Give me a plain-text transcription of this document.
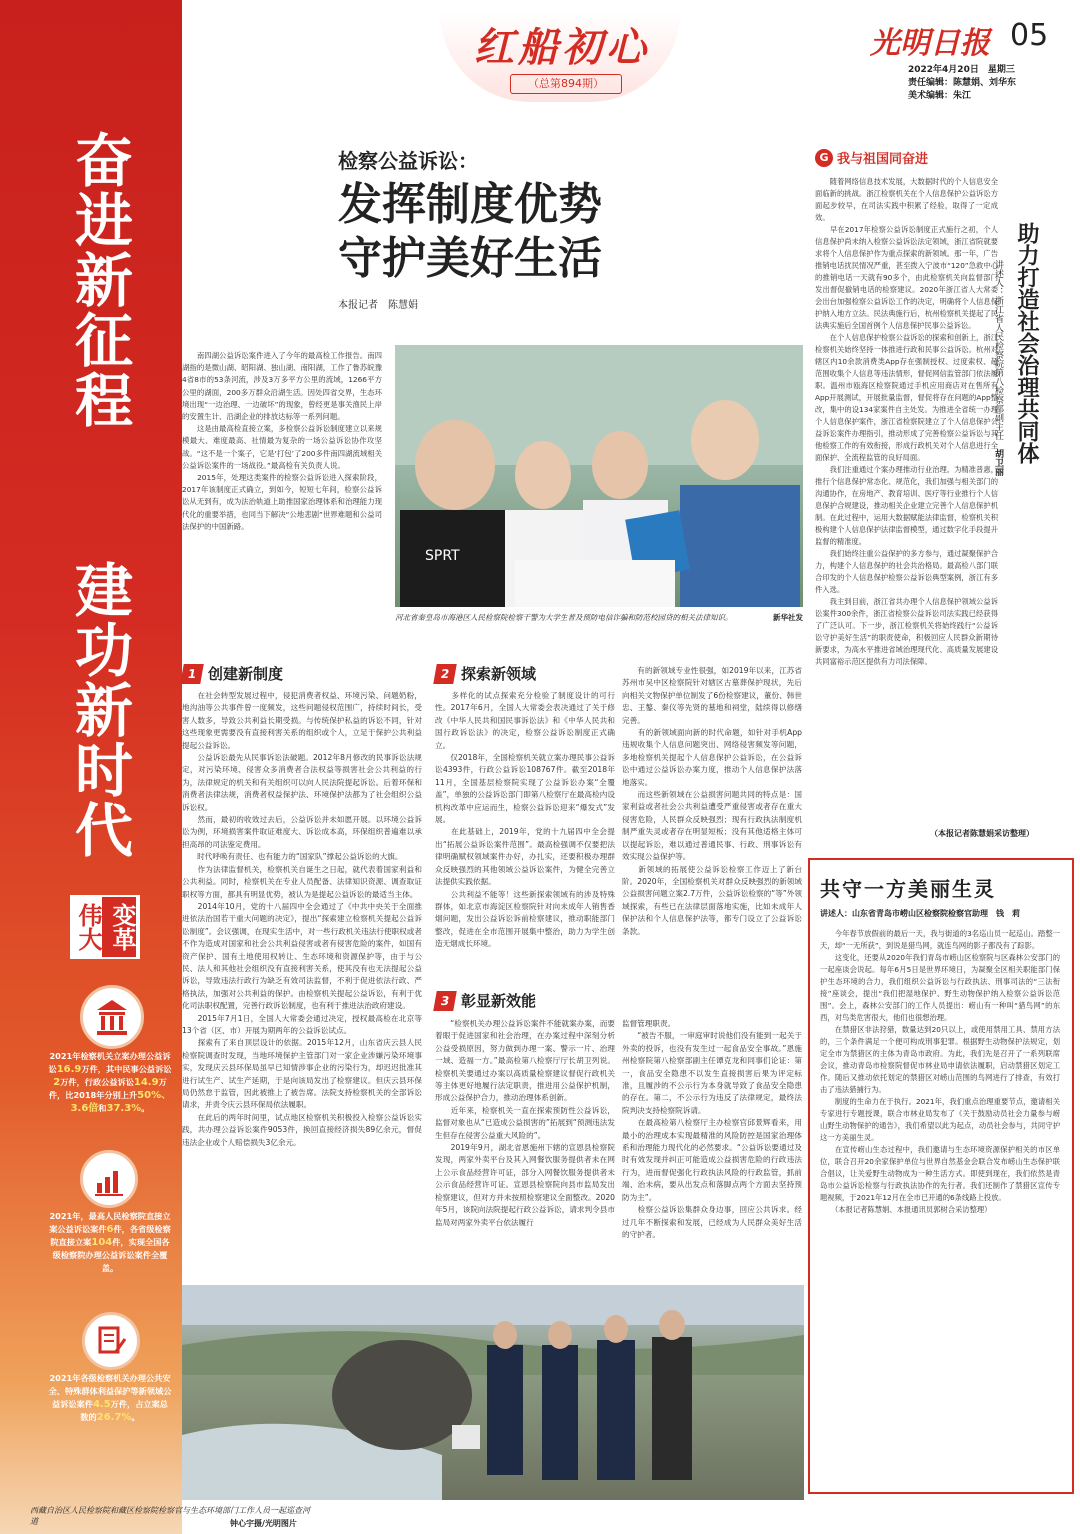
奋进新征程
建功新时代
伟大 变革
2021年检察机关立案办理公益诉讼16.9万件，其中民事公益诉讼2万件，行政公益诉讼14.9万件，比2018年分别上升50%、3.6倍和37.3%。
2021年，最高人民检察院直接立案公益诉讼案件6件，各省级检察院直接立案104件，实现全国各级检察院办理公益诉讼案件全覆盖。
2021年各级检察机关办理公共安全、特殊群体利益保护等新领域公益诉讼案件4.5万件，占立案总数的26.7%。
红船初心
（总第894期）
光明日报 05
2022年4月20日　星期三
责任编辑：陈慧娟、刘华东
美术编辑：朱江
检察公益诉讼：
发挥制度优势
守护美好生活
本报记者　陈慧娟
　　南四湖公益诉讼案件进入了今年的最高检工作报告。南四湖指的是微山湖、昭阳湖、独山湖、南阳湖，工作了鲁苏皖豫4省8市的53条河流，涉及3万多平方公里的流域，1266平方公里的湖面，200多万群众沿湖生活。因处四省交界，生态环境出现“一边治理、一边破坏”的现象，曾经更是事关渔民上岸的安置生计、沿湖企业的排放达标等一系列问题。
　　这是由最高检直接立案，多检察公益诉讼制度建立以来规模最大、难度最高、社情最为复杂的一场公益诉讼协作攻坚战。“这不是一个案子，它是‘打包’了200多件南四湖流域相关公益诉讼案件的一场战役。”最高检有关负责人说。
　　2015年，处理这类案件的检察公益诉讼进入探索阶段，2017年该制度正式确立，到如今，短短七年间，检察公益诉讼从无到有，成为法治轨道上助推国家治理体系和治理能力现代化的重要举措，也同当下解决“公地悲剧”世界难题和公益司法保护的中国新路。
SPRT
河北省秦皇岛市海港区人民检察院检察干警为大学生普及预防电信诈骗和防范校园贷的相关法律知识。	新华社发
1 创建新制度	2 探索新领域
3 彰显新效能
　　在社会转型发展过程中，侵犯消费者权益、环境污染、问题奶粉，地沟油等公共事件曾一度频发，这些问题侵权范围广，持续时间长，受害人数多，导致公共利益长期受损。与传统保护私益的诉讼不同，针对这些现象更需要没有直接利害关系的组织或个人，立足于保护公共利益提起公益诉讼。
　　公益诉讼最先从民事诉讼法破题。2012年8月修改的民事诉讼法规定，对污染环境、侵害众多消费者合法权益等损害社会公共利益的行为，法律规定的机关和有关组织可以向人民法院提起诉讼。后着环保和消费者法律法规，消费者权益保护法、环境保护法都为了社会组织公益诉讼权。
　　然而，最初的收效过去后，公益诉讼并未如愿开展。以环境公益诉讼为例，环境损害案件取证难度大、诉讼成本高，环保组织普遍难以承担高昂的司法鉴定费用。
　　时代呼唤有责任、也有能力的“国家队”撑起公益诉讼的大旗。
　　作为法律监督机关，检察机关自诞生之日起，就代表着国家利益和公共利益。同时，检察机关在专业人员配备、法律知识资源、调查取证职权等方面，都具有明显优势，被认为是提起公益诉讼的最适当主体。
　　2014年10月，党的十八届四中全会通过了《中共中央关于全面推进依法治国若干重大问题的决定》，提出“探索建立检察机关提起公益诉讼制度”。会议强调，在现实生活中，对一些行政机关违法行使职权或者不作为造成对国家和社会公共利益侵害或者有侵害危险的案件，如国有资产保护、国有土地使用权转让、生态环境和资源保护等，由于与公民、法人和其他社会组织没有直接利害关系，使其没有也无法提起公益诉讼，导致违法行政行为缺乏有效司法监督，不利于促进依法行政、严格执法，加强对公共利益的保护。由检察机关提起公益诉讼，有利于优化司法职权配置，完善行政诉讼制度，也有利于推进法治政府建设。
　　2015年7月1日，全国人大常委会通过决定，授权最高检在北京等13个省（区、市）开展为期两年的公益诉讼试点。
　　探索有了来自顶层设计的依据。2015年12月，山东省庆云县人民检察院调查时发现，当地环境保护主管部门对一家企业涉嫌污染环境事实，发现庆云县环保局虽早已知情涉事企业的污染行为，却迟迟批准其进行试生产、试生产延期，于是向该局发出了检察建议。但庆云县环保局仍然怠于监管，因此被推上了被告席。法院支持检察机关的全部诉讼请求，并责令庆云县环保局依法履职。
　　在此后的两年时间里，试点地区检察机关积极投入检察公益诉讼实践，共办理公益诉讼案件9053件，换回直接经济损失89亿余元，督促违法企业或个人赔偿损失3亿余元。
　　多样化的试点探索充分检验了制度设计的可行性。2017年6月，全国人大常委会表决通过了关于修改《中华人民共和国民事诉讼法》和《中华人民共和国行政诉讼法》的决定，检察公益诉讼制度正式确立。
　　仅2018年，全国检察机关就立案办理民事公益诉讼4393件，行政公益诉讼108767件。截至2018年11月，全国基层检察院实现了公益诉讼办案“全覆盖”，单独的公益诉讼部门即第八检察厅在最高检内设机构改革中应运而生，检察公益诉讼迎来“爆发式”发展。
　　在此基础上，2019年，党的十九届四中全会提出“拓展公益诉讼案件范围”。最高检强调不仅要把法律明确赋权领域案件办好，办扎实，还要积极办理群众反映强烈的其他领域公益诉讼案件，为健全完善立法提供实践依据。
　　公共利益不能等！这些新探索领域有的涉及特殊群体，如北京市海淀区检察院针对向未成年人销售香烟问题，发出公益诉讼诉前检察建议，推动职能部门整改，促进在全市范围开展集中整治，助力为学生创造无烟成长环境。
　　有的新领域专业性很强，如2019年以来，江苏省苏州市吴中区检察院针对辖区古墓葬保护现状，先后向相关文物保护单位制发了6份检察建议，董份、韩世忠、王鏊、秦仪等先贤的墓地和祠堂，陆续得以修缮完善。
　　有的新领域面向新的时代命题，如针对手机App违规收集个人信息问题突出、网络侵害频发等问题，多地检察机关提起个人信息保护公益诉讼，在公益诉讼中通过公益诉讼办案力度，推动个人信息保护法落地落实。
　　而这些新领域在公益损害问题共同的特点是：国家利益或者社会公共利益遭受严重侵害或者存在重大侵害危险，人民群众反映强烈；现有行政执法制度机制严重失灵或者存在明显短板；没有其他适格主体可以提起诉讼，难以通过普通民事、行政、刑事诉讼有效实现公益保护等。
　　新领域的拓展使公益诉讼检察工作迈上了新台阶。2020年，全国检察机关对群众反映强烈的新领域公益损害问题立案2.7万件，公益诉讼检察的“等”外领域探索，有些已在法律层面落地实施，比如未成年人保护法和个人信息保护法等，都专门设立了公益诉讼条款。
　　“检察机关办理公益诉讼案件不能就案办案，而要着眼于促进国家和社会治理，在办案过程中深刻分析公益受损原因，努力做到办理一案、警示一片、治理一域、造福一方。”最高检第八检察厅厅长胡卫列说。检察机关要通过办案以高质量检察建议督促行政机关等主体更好地履行法定职责，推进用公益保护机制，形成公益保护合力，推动治理体系创新。
　　近年来，检察机关一直在探索预防性公益诉讼，监督对象也从“已造成公益损害的”拓展到“预测违法发生但存在侵害公益重大风险的”。
　　2019年9月，湖北省恩施州下辖的宣恩县检察院发现，两家外卖平台及其入网餐饮服务提供者未在网上公示食品经营许可证，部分入网餐饮服务提供者未公示食品经营许可证。宣恩县检察院向县市监局发出检察建议，但对方并未按照检察建议全面整改。2020年5月，该院向法院提起行政公益诉讼，请求判令县市监局对两家外卖平台依法履行
监督管理职责。
　　“被告不服，一审庭审时说他们没有能到一起关于外卖的投诉，也没有发生过一起食品安全事故。”恩施州检察院第八检察部副主任谭克龙和同事们论证：第一，食品安全隐患不以发生直接损害后果为评定标准，且履涉的不公示行为本身就导致了食品安全隐患的存在。第二，不公示行为违反了法律规定，最终法院判决支持检察院诉请。
　　在最高检第八检察厅主办检察官邱景辉看来，用最小的治理成本实现最精准的风险防控是国家治理体系和治理能力现代化的必然要求。“公益诉讼要通过及时有效发现并纠正可能造成公益损害危险的行政违法行为，进而督促强化行政执法风险的行政监管，抓前端、治未病，要从出发点和落脚点两个方面去坚持预防为主”。
　　检察公益诉讼集群众身边事，回应公共诉求。经过几年不断探索和发展，已经成为人民群众美好生活的守护者。
西藏自治区人民检察院和藏区检察院检察官与生态环境部门工作人员一起巡查河道	钟心宇摄/光明图片
G 我与祖国同奋进
　　随着网络信息技术发展，大数据时代的个人信息安全面临新的挑战。浙江检察机关在个人信息保护公益诉讼方面起步较早，在司法实践中积累了经验，取得了一定成效。
　　早在2017年检察公益诉讼制度正式施行之初，个人信息保护尚未纳入检察公益诉讼法定领域，浙江省院就要求将个人信息保护作为重点探索的新领域。那一年，广告推销电话扰民情况严重，甚至拨入宁波市“120”急救中心的推销电话一天就有90多个，由此检察机关向监督部门发出督促撤销电话的检察建议。2020年浙江省人大常委会出台加强检察公益诉讼工作的决定，明确将个人信息保护纳入地方立法。民法典施行后，杭州检察机关提起了民法典实施后全国首例个人信息保护民事公益诉讼。
　　在个人信息保护检察公益诉讼的探索和创新上，浙江检察机关始终坚持一体推进行政和民事公益诉讼。杭州对辖区内10余款消费类App存在强制授权、过度索权、超范围收集个人信息等违法情形，督促网信监管部门依法履职。温州市瓯海区检察院通过手机应用商店对在售所有App开展测试，开展批量监督，督促将存在问题的App整改，集中的设134家案件自主处发。为推进全省统一办理个人信息保护案件，浙江省检察院建立了个人信息保护公益诉讼案件办理指引，推动形成了完善检察公益诉讼与其他检察工作的有效衔接，形成行政机关对个人信息进行全面保护、全流程监管的良好局面。
　　我们注重通过个案办理推动行业治理。为精准普惠，推行个信息保护常态化、规范化，我们加强与相关部门的沟通协作，在房地产、教育培训、医疗等行业推行个人信息保护合规建设，推动相关企业建立完善个人信息保护机制。在此过程中，运用大数据赋能法律监督，检察机关积极构建个人信息保护法律监督模型，通过数字化手段提升监督的精准度。
　　我们始终注重公益保护的多方参与，通过凝聚保护合力，构建个人信息保护的社会共治格局。最高检八部门联合印发的个人信息保护检察公益诉讼典型案例，浙江有多件入选。
　　我主到目前，浙江省共办理个人信息保护领域公益诉讼案件300余件，浙江省检察公益诉讼司法实践已经获得了广泛认可。下一步，浙江检察机关将始终践行“公益诉讼守护美好生活”的职责使命，积极回应人民群众新期待新要求，为高水平推进省域治理现代化、高质量发展建设共同富裕示范区提供有力司法保障。
（本报记者陈慧娟采访整理）
助力打造社会治理共同体
讲述人：浙江省人民检察院第八检察部副主任　胡卫丽
共守一方美丽生灵
讲述人：山东省青岛市崂山区检察院检察官助理　钱　莉
　　今年春节放假前的最后一天，我与街道的3名巡山员一起巡山。踏整一天，却“一无所获”，到说是猎鸟网，就连鸟网的影子都没有了踪影。
　　这变化，还要从2020年我们青岛市崂山区检察院与区森林公安部门的一起座谈会说起。每年6月5日是世界环境日，为凝聚全区相关职能部门保护生态环境的合力，我们组织公益诉讼与行政执法、刑事司法的“三法衔接”座谈会，提出“我们把湿地保护、野生动物保护纳入检察公益诉讼范围”。会上，森林公安部门的工作人员提出：崂山有一种叫“猎鸟网”的东西，对鸟类危害很大，他们也很想治理。
　　在禁猎区非法狩猎，数量达到20只以上，或使用禁用工具、禁用方法的，三个条件满足一个便可构成刑事犯罪。根据野生动物保护法规定，划定全市为禁猎区的主体为青岛市政府。为此，我们先是召开了一系列联席会议，推动青岛市检察院督促市林业局申请依法履职，启动禁猎区划定工作。随后又推动依托划定的禁猎区对崂山范围的鸟网进行了排查，有效打击了违法猎捕行为。
　　制度的生命力在于执行。2021年，我们重点治理重要节点，邀请相关专家进行专题授课，联合市林业局发布了《关于鼓励动员社会力量参与崂山野生动物保护的通告》，我们希望以此为起点，动员社会参与，共同守护这一方美丽生灵。
　　在宣传崂山生态过程中，我们邀请与生态环境资源保护相关的市区单位，联合召开20余家保护单位与世界自然基金会联合发布崂山生态保护联合倡议，让关爱野生动物成为一种生活方式。即使到现在，我们依然是青岛市公益诉讼检察与行政执法协作的先行者。我们还制作了禁猎区宣传专题视频，于2021年12月在全市已开通的6条线路上投放。
　　（本报记者陈慧娟、本报通讯员郭树合采访整理）
